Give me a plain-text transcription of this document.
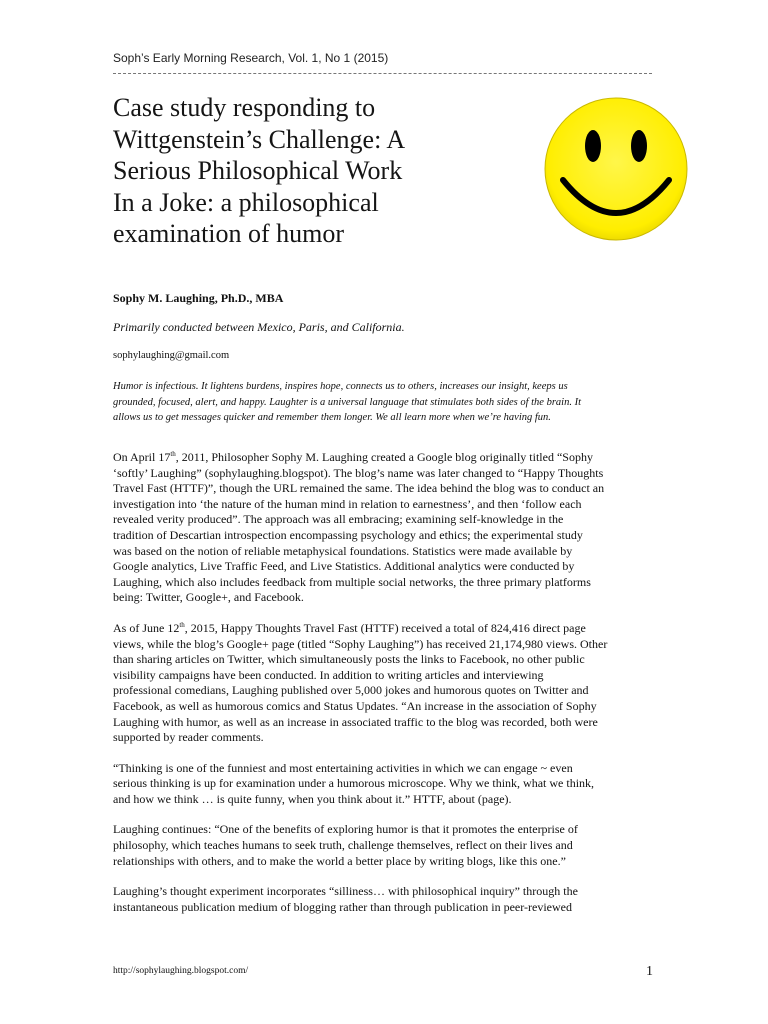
Soph’s Early Morning Research, Vol. 1, No 1 (2015)
Case study responding to
Wittgenstein’s Challenge: A
Serious Philosophical Work
In a Joke: a philosophical
examination of humor
Sophy M. Laughing, Ph.D., MBA
Primarily conducted between Mexico, Paris, and California.
sophylaughing@gmail.com
Humor is infectious. It lightens burdens, inspires hope, connects us to others, increases our insight, keeps us
grounded, focused, alert, and happy. Laughter is a universal language that stimulates both sides of the brain. It
allows us to get messages quicker and remember them longer. We all learn more when we’re having fun.

On April 17th, 2011, Philosopher Sophy M. Laughing created a Google blog originally titled “Sophy
‘softly’ Laughing” (sophylaughing.blogspot). The blog’s name was later changed to “Happy Thoughts
Travel Fast (HTTF)”, though the URL remained the same. The idea behind the blog was to conduct an
investigation into ‘the nature of the human mind in relation to earnestness’, and then ‘follow each
revealed verity produced”. The approach was all embracing; examining self-knowledge in the
tradition of Descartian introspection encompassing psychology and ethics; the experimental study
was based on the notion of reliable metaphysical foundations. Statistics were made available by
Google analytics, Live Traffic Feed, and Live Statistics. Additional analytics were conducted by
Laughing, which also includes feedback from multiple social networks, the three primary platforms
being: Twitter, Google+, and Facebook.

As of June 12th, 2015, Happy Thoughts Travel Fast (HTTF) received a total of 824,416 direct page
views, while the blog’s Google+ page (titled “Sophy Laughing”) has received 21,174,980 views. Other
than sharing articles on Twitter, which simultaneously posts the links to Facebook, no other public
visibility campaigns have been conducted. In addition to writing articles and interviewing
professional comedians, Laughing published over 5,000 jokes and humorous quotes on Twitter and
Facebook, as well as humorous comics and Status Updates. “An increase in the association of Sophy
Laughing with humor, as well as an increase in associated traffic to the blog was recorded, both were
supported by reader comments.

“Thinking is one of the funniest and most entertaining activities in which we can engage ~ even
serious thinking is up for examination under a humorous microscope. Why we think, what we think,
and how we think … is quite funny, when you think about it.” HTTF, about (page).

Laughing continues: “One of the benefits of exploring humor is that it promotes the enterprise of
philosophy, which teaches humans to seek truth, challenge themselves, reflect on their lives and
relationships with others, and to make the world a better place by writing blogs, like this one.”

Laughing’s thought experiment incorporates “silliness… with philosophical inquiry” through the
instantaneous publication medium of blogging rather than through publication in peer-reviewed

http://sophylaughing.blogspot.com/	1
